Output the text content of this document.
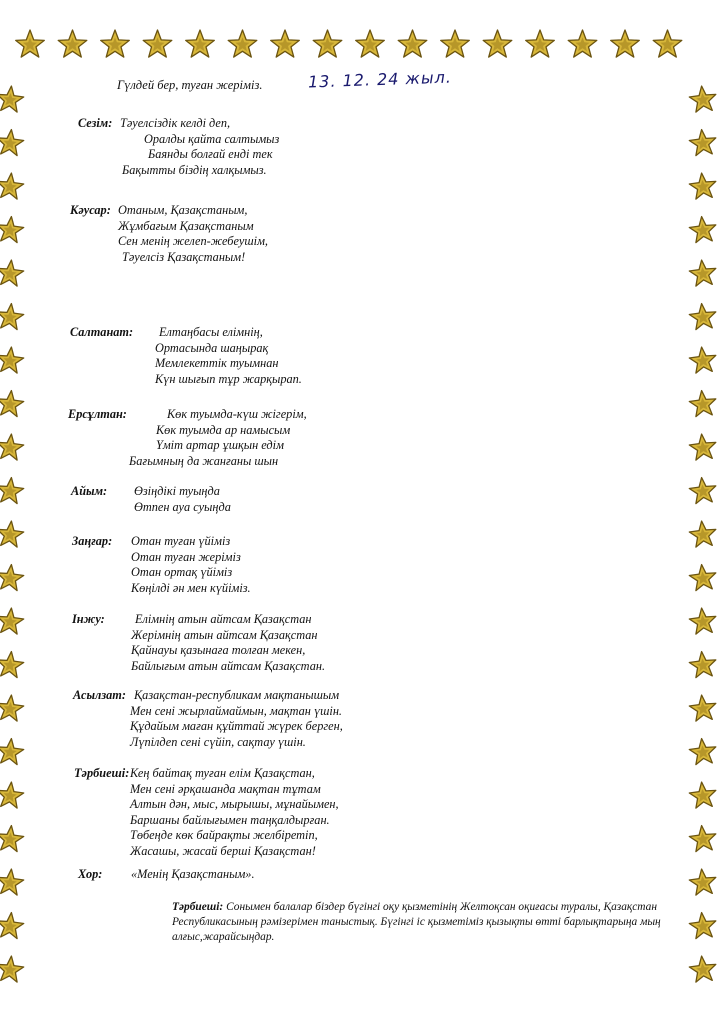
Гүлдей бер, туған жеріміз.	13. 12. 24 жыл.
Сезім: Тәуелсіздік келді деп,
Оралды қайта салтымыз
Баянды болғай енді тек
Бақытты біздің халқымыз.
Кәусар: Отаным, Қазақстаным,
Жұмбағым Қазақстаным
Сен менің желеп-жебеушім,
Тәуелсіз Қазақстаным!
Салтанат:	Елтаңбасы елімнің,
Ортасында шаңырақ
Мемлекеттік туымнан
Күн шығып тұр жарқырап.
Ерсұлтан:	Көк туымда-күш жігерім,
Көк туымда ар намысым
Үміт артар ұшқын едім
Бағымның да жанғаны шын
Айым: Өзіңдікі туыңда
Өтпен ауа суыңда
Заңғар: Отан туған үйіміз
Отан туған жеріміз
Отан ортақ үйіміз
Көңілді ән мен күйіміз.
Інжу:	Елімнің атын айтсам Қазақстан
Жерімнің атын айтсам Қазақстан
Қайнауы қазынаға толған мекен,
Байлығым атын айтсам Қазақстан.
Асылзат: Қазақстан-республикам мақтанышым
Мен сені жырлаймаймын, мақтан үшін.
Құдайым маған құйттай жүрек берген,
Лүпілдеп сені сүйіп, сақтау үшін.
Тәрбиеші: Кең байтақ туған елім Қазақстан,
Мен сені әрқашанда мақтан тұтам
Алтын дән, мыс, мырышы, мұнайымен,
Баршаны байлығымен таңқалдырған.
Төбеңде көк байрақты желбіретіп,
Жасашы, жасай берші Қазақстан!
Хор: «Менің Қазақстаным».
Тәрбиеші: Сонымен балалар біздер бүгінгі оқу қызметінің Желтоқсан оқиғасы туралы, Қазақстан Республикасының рәмізерімен таныстық. Бүгінгі іс қызметіміз қызықты өтті барлықтарыңа мың алғыс,жарайсыңдар.
